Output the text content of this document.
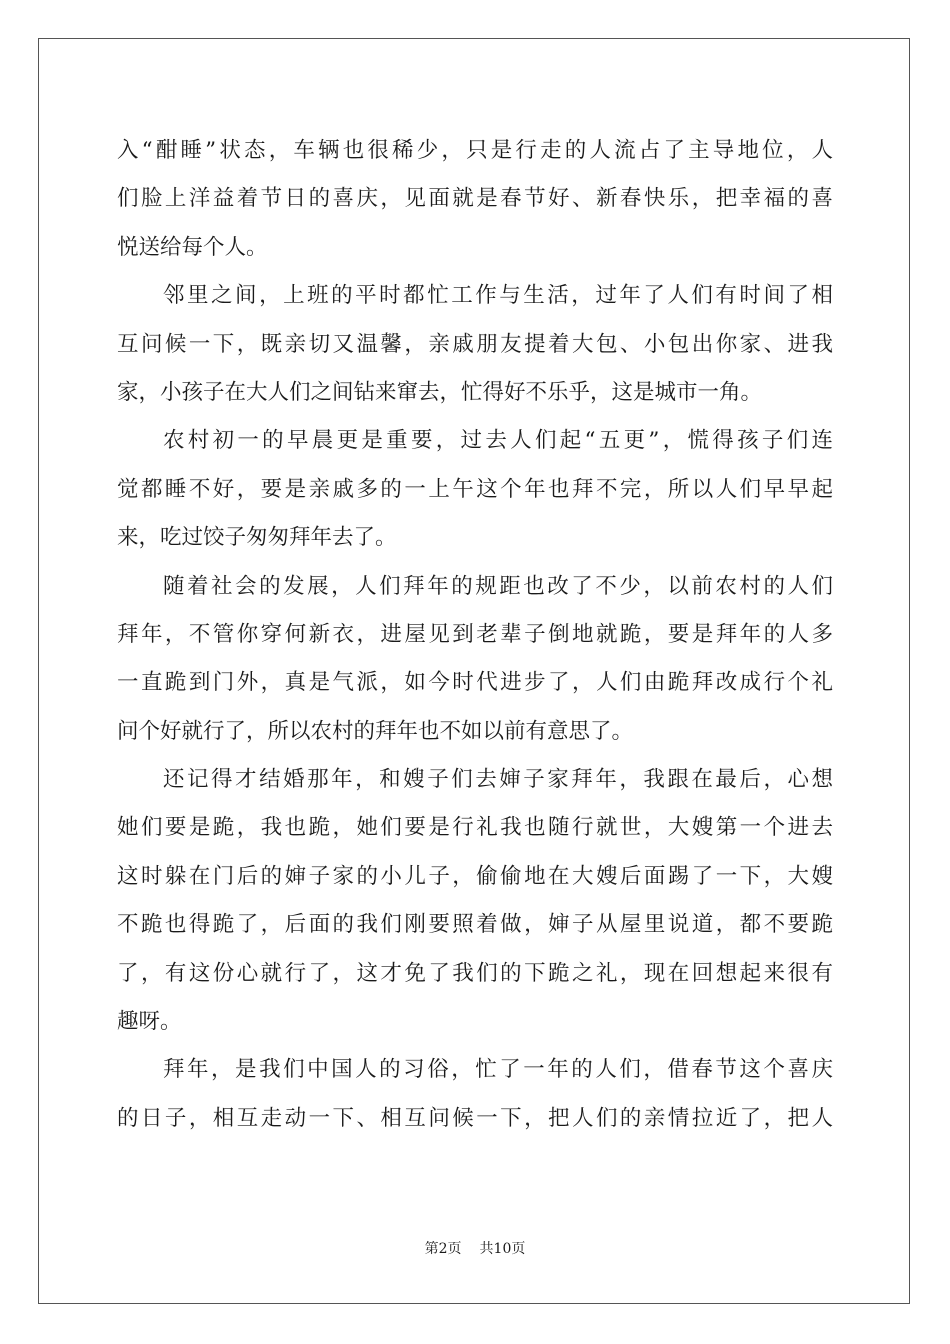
入“酣睡”状态，车辆也很稀少，只是行走的人流占了主导地位，人
们脸上洋益着节日的喜庆，见面就是春节好、新春快乐，把幸福的喜
悦送给每个人。
邻里之间，上班的平时都忙工作与生活，过年了人们有时间了相
互问候一下，既亲切又温馨，亲戚朋友提着大包、小包出你家、进我
家，小孩子在大人们之间钻来窜去，忙得好不乐乎，这是城市一角。
农村初一的早晨更是重要，过去人们起“五更”，慌得孩子们连
觉都睡不好，要是亲戚多的一上午这个年也拜不完，所以人们早早起
来，吃过饺子匆匆拜年去了。
随着社会的发展，人们拜年的规距也改了不少，以前农村的人们
拜年，不管你穿何新衣，进屋见到老辈子倒地就跪，要是拜年的人多
一直跪到门外，真是气派，如今时代进步了，人们由跪拜改成行个礼
问个好就行了，所以农村的拜年也不如以前有意思了。
还记得才结婚那年，和嫂子们去婶子家拜年，我跟在最后，心想
她们要是跪，我也跪，她们要是行礼我也随行就世，大嫂第一个进去
这时躲在门后的婶子家的小儿子，偷偷地在大嫂后面踢了一下，大嫂
不跪也得跪了，后面的我们刚要照着做，婶子从屋里说道，都不要跪
了，有这份心就行了，这才免了我们的下跪之礼，现在回想起来很有
趣呀。
拜年，是我们中国人的习俗，忙了一年的人们，借春节这个喜庆
的日子，相互走动一下、相互问候一下，把人们的亲情拉近了，把人
第2页 共10页
